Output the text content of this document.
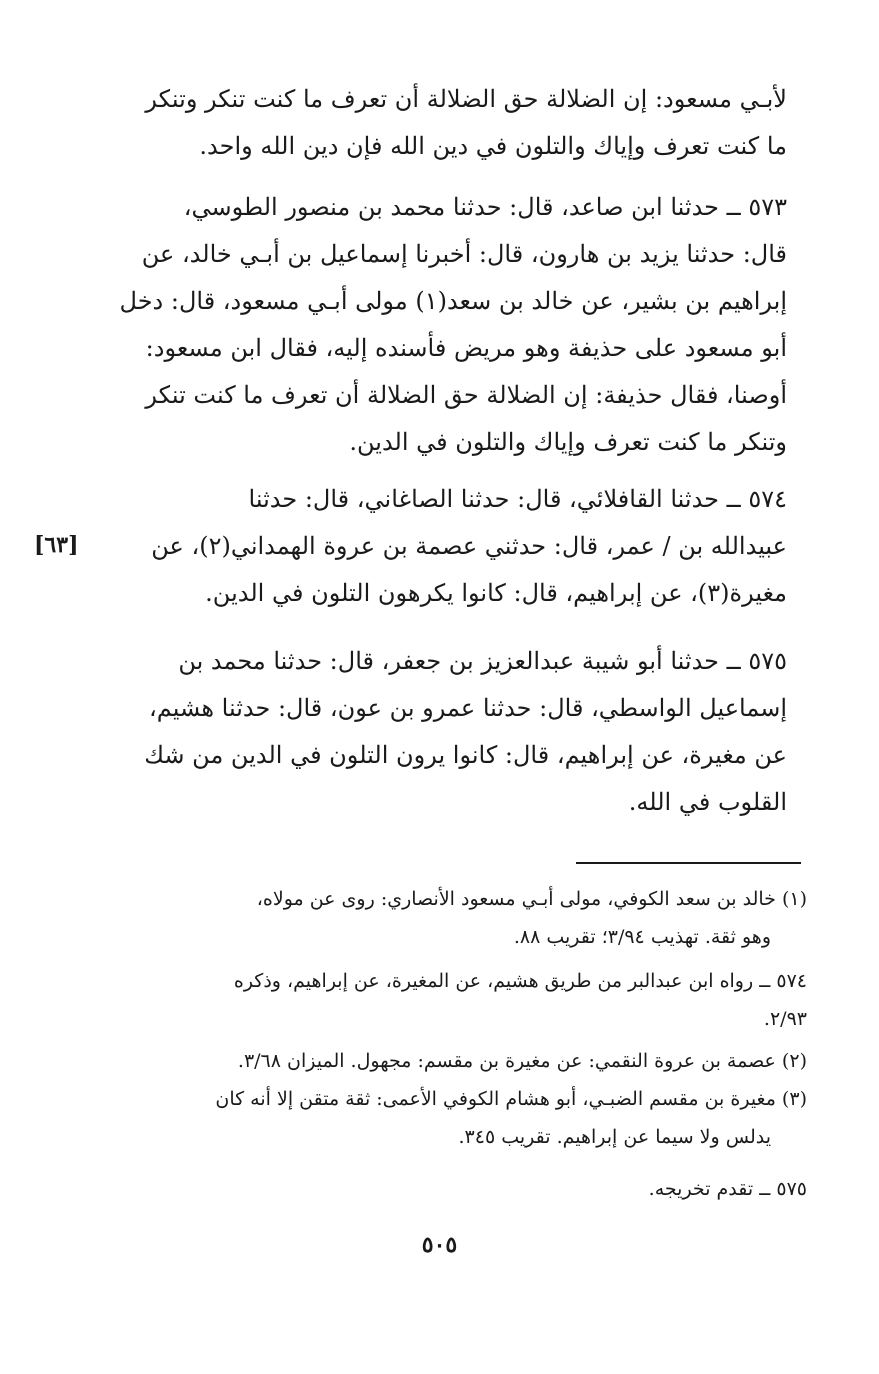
لأبـي مسعود: إن الضلالة حق الضلالة أن تعرف ما كنت تنكر وتنكر

ما كنت تعرف وإياك والتلون في دين الله فإن دين الله واحد.

٥٧٣ ــ حدثنا ابن صاعد، قال: حدثنا محمد بن منصور الطوسي،

قال: حدثنا يزيد بن هارون، قال: أخبرنا إسماعيل بن أبـي خالد، عن

إبراهيم بن بشير، عن خالد بن سعد(١) مولى أبـي مسعود، قال: دخل

أبو مسعود على حذيفة وهو مريض فأسنده إليه، فقال ابن مسعود:

أوصنا، فقال حذيفة: إن الضلالة حق الضلالة أن تعرف ما كنت تنكر

وتنكر ما كنت تعرف وإياك والتلون في الدين.

٥٧٤ ــ حدثنا القافلائي، قال: حدثنا الصاغاني، قال: حدثنا

عبيدالله بن / عمر، قال: حدثني عصمة بن عروة الهمداني(٢)، عن

مغيرة(٣)، عن إبراهيم، قال: كانوا يكرهون التلون في الدين.

[٦٣]

٥٧٥ ــ حدثنا أبو شيبة عبدالعزيز بن جعفر، قال: حدثنا محمد بن

إسماعيل الواسطي، قال: حدثنا عمرو بن عون، قال: حدثنا هشيم،

عن مغيرة، عن إبراهيم، قال: كانوا يرون التلون في الدين من شك

القلوب في الله.

(١) خالد بن سعد الكوفي، مولى أبـي مسعود الأنصاري: روى عن مولاه،

وهو ثقة. تهذيب ٣/٩٤؛ تقريب ٨٨.

٥٧٤ ــ رواه ابن عبدالبر من طريق هشيم، عن المغيرة، عن إبراهيم، وذكره

٢/٩٣.

(٢) عصمة بن عروة النقمي: عن مغيرة بن مقسم: مجهول. الميزان ٣/٦٨.

(٣) مغيرة بن مقسم الضبـي، أبو هشام الكوفي الأعمى: ثقة متقن إلا أنه كان

يدلس ولا سيما عن إبراهيم. تقريب ٣٤٥.

٥٧٥ ــ تقدم تخريجه.

٥٠٥
